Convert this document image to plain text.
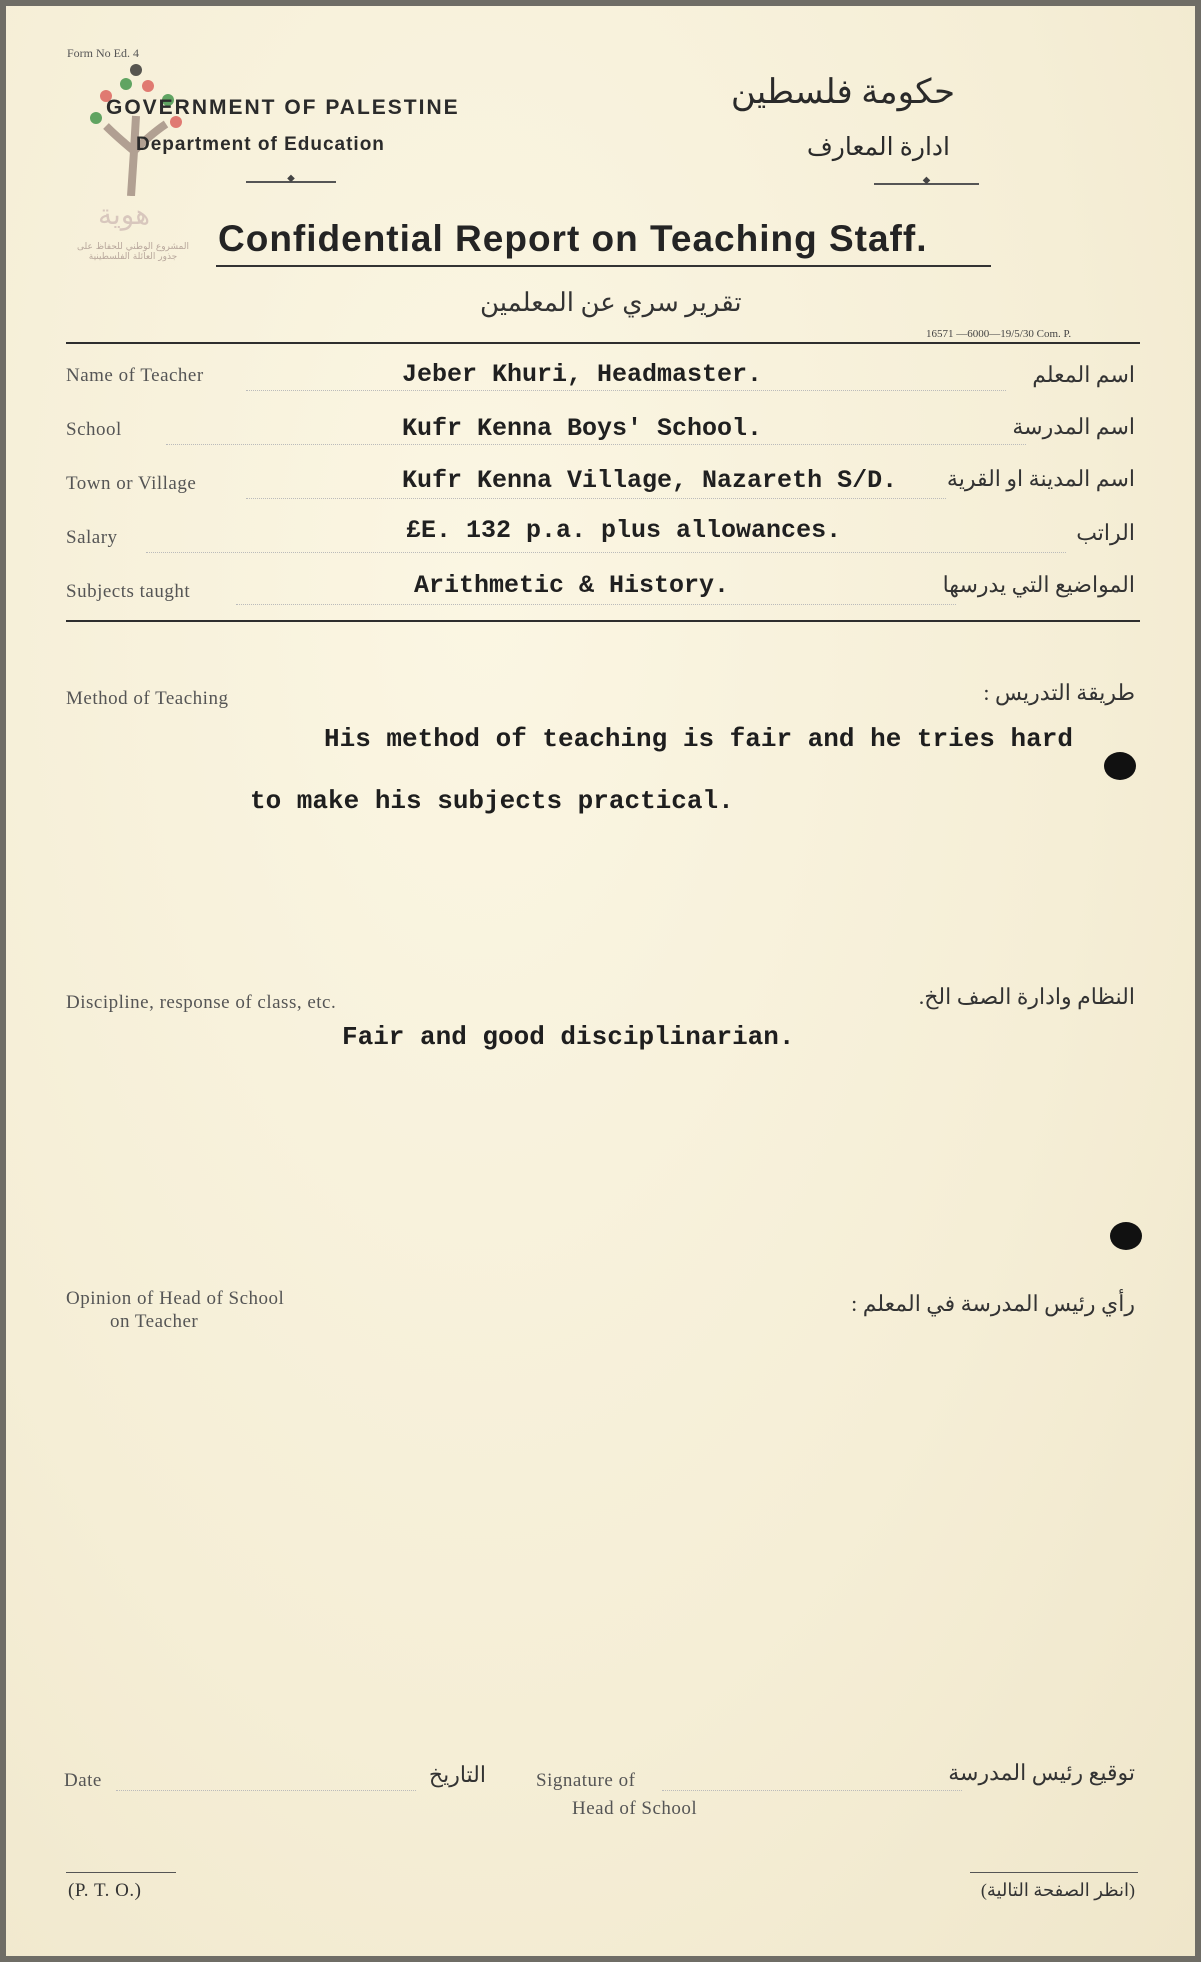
هوية
المشروع الوطني للحفاظ على جذور العائلة الفلسطينية
Form No Ed. 4
GOVERNMENT OF PALESTINE
Department of Education
◆
حكومة فلسطين
ادارة المعارف
◆
Confidential Report on Teaching Staff.
تقرير سري عن المعلمين
16571 —6000—19/5/30 Com. P.
Name of Teacher	Jeber Khuri, Headmaster.	اسم المعلم
School	Kufr Kenna Boys' School.	اسم المدرسة
Town or Village	Kufr Kenna Village, Nazareth S/D.	اسم المدينة او القرية
Salary	£E. 132 p.a. plus allowances.	الراتب
Subjects taught	Arithmetic & History.	المواضيع التي يدرسها
Method of Teaching	طريقة التدريس :
His method of teaching is fair and he tries hard
to make his subjects practical.
Discipline, response of class, etc.	النظام وادارة الصف الخ.
Fair and good disciplinarian.
Opinion of Head of School
on Teacher
رأي رئيس المدرسة في المعلم :
Date	التاريخ	Signature of
Head of School
توقيع رئيس المدرسة
(P. T. O.)	(انظر الصفحة التالية)
